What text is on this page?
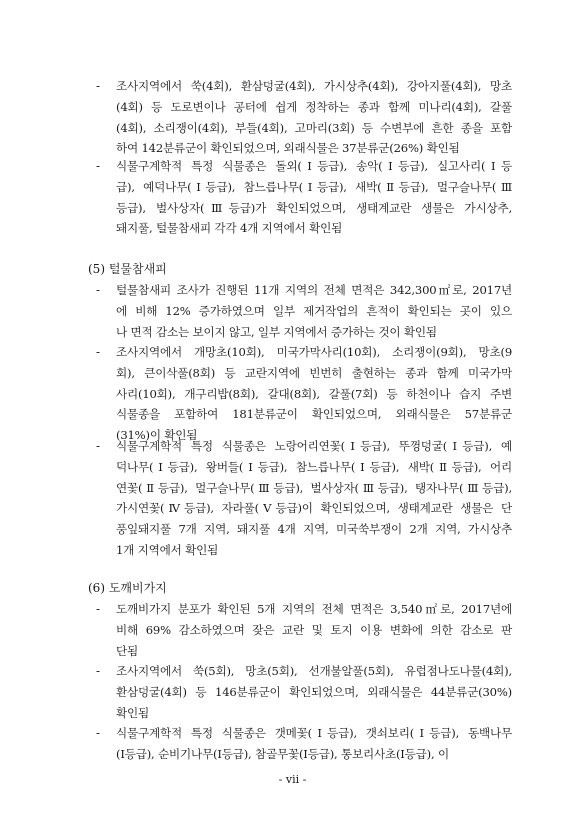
- 조사지역에서 쑥(4회), 환삼덩굴(4회), 가시상추(4회), 강아지풀(4회), 망초
(4회) 등 도로변이나 공터에 쉽게 정착하는 종과 함께 미나리(4회), 갈풀
(4회), 소리쟁이(4회), 부들(4회), 고마리(3회) 등 수변부에 흔한 종을 포함
하여 142분류군이 확인되었으며, 외래식물은 37분류군(26%) 확인됨
- 식물구계학적 특정 식물종은 돌외(Ⅰ등급), 송악(Ⅰ등급), 실고사리(Ⅰ등
급), 예덕나무(Ⅰ등급), 참느릅나무(Ⅰ등급), 새박(Ⅱ등급), 멀구슬나무(Ⅲ
등급), 벌사상자(Ⅲ등급)가 확인되었으며, 생태계교란 생물은 가시상추,
돼지풀, 털물참새피 각각 4개 지역에서 확인됨
(5) 털물참새피
- 털물참새피 조사가 진행된 11개 지역의 전체 면적은 342,300㎡로, 2017년
에 비해 12% 증가하였으며 일부 제거작업의 흔적이 확인되는 곳이 있으
나 면적 감소는 보이지 않고, 일부 지역에서 증가하는 것이 확인됨
- 조사지역에서 개망초(10회), 미국가막사리(10회), 소리쟁이(9회), 망초(9
회), 큰이삭풀(8회) 등 교란지역에 빈번히 출현하는 종과 함께 미국가막
사리(10회), 개구리밥(8회), 갈대(8회), 갈풀(7회) 등 하천이나 습지 주변
식물종을 포함하여 181분류군이 확인되었으며, 외래식물은 57분류군
(31%)이 확인됨
- 식물구계학적 특정 식물종은 노랑어리연꽃(Ⅰ등급), 뚜껑덩굴(Ⅰ등급), 예
덕나무(Ⅰ등급), 왕버들(Ⅰ등급), 참느릅나무(Ⅰ등급), 새박(Ⅱ등급), 어리
연꽃(Ⅱ등급), 멀구슬나무(Ⅲ등급), 벌사상자(Ⅲ등급), 탱자나무(Ⅲ등급),
가시연꽃(Ⅳ등급), 자라풀(Ⅴ등급)이 확인되었으며, 생태계교란 생물은 단
풍잎돼지풀 7개 지역, 돼지풀 4개 지역, 미국쑥부쟁이 2개 지역, 가시상추
1개 지역에서 확인됨
(6) 도깨비가지
- 도깨비가지 분포가 확인된 5개 지역의 전체 면적은 3,540㎡로, 2017년에
비해 69% 감소하였으며 잦은 교란 및 토지 이용 변화에 의한 감소로 판
단됨
- 조사지역에서 쑥(5회), 망초(5회), 선개불알풀(5회), 유럽점나도나물(4회),
환삼덩굴(4회) 등 146분류군이 확인되었으며, 외래식물은 44분류군(30%)
확인됨
- 식물구계학적 특정 식물종은 갯메꽃(Ⅰ등급), 갯쇠보리(Ⅰ등급), 동백나무
(Ⅰ등급), 순비기나무(Ⅰ등급), 참골무꽃(Ⅰ등급), 통보리사초(Ⅰ등급), 이
- vii -
